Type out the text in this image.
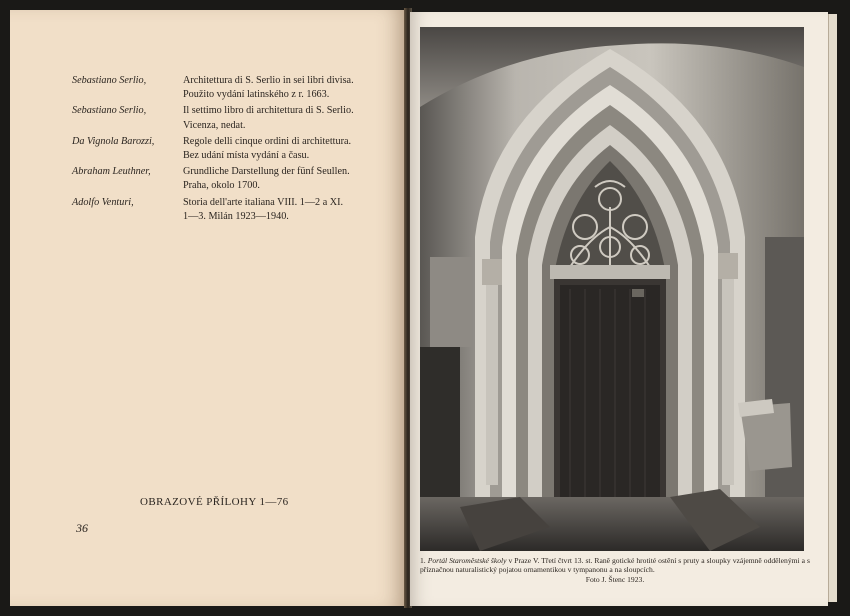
Sebastiano Serlio,	Architettura di S. Serlio in sei libri divisa.
Použito vydání latinského z r. 1663.
Sebastiano Serlio,	Il settimo libro di architettura di S. Serlio.
Vicenza, nedat.
Da Vignola Barozzi,	Regole delli cinque ordini di architettura.
Bez udání místa vydání a času.
Abraham Leuthner,	Grundliche Darstellung der fünf Seullen.
Praha, okolo 1700.
Adolfo Venturi,	Storia dell'arte italiana VIII. 1—2 a XI.
1—3. Milán 1923—1940.
OBRAZOVÉ PŘÍLOHY 1—76
36
1. Portál Staroměstské školy v Praze V. Třetí čtvrt 13. st. Raně gotické hrotité ostění s pruty a sloupky vzájemně oddělenými a s příznačnou naturalistický pojatou ornamentikou v tympanonu a na sloupcích.
Foto J. Štenc 1923.
